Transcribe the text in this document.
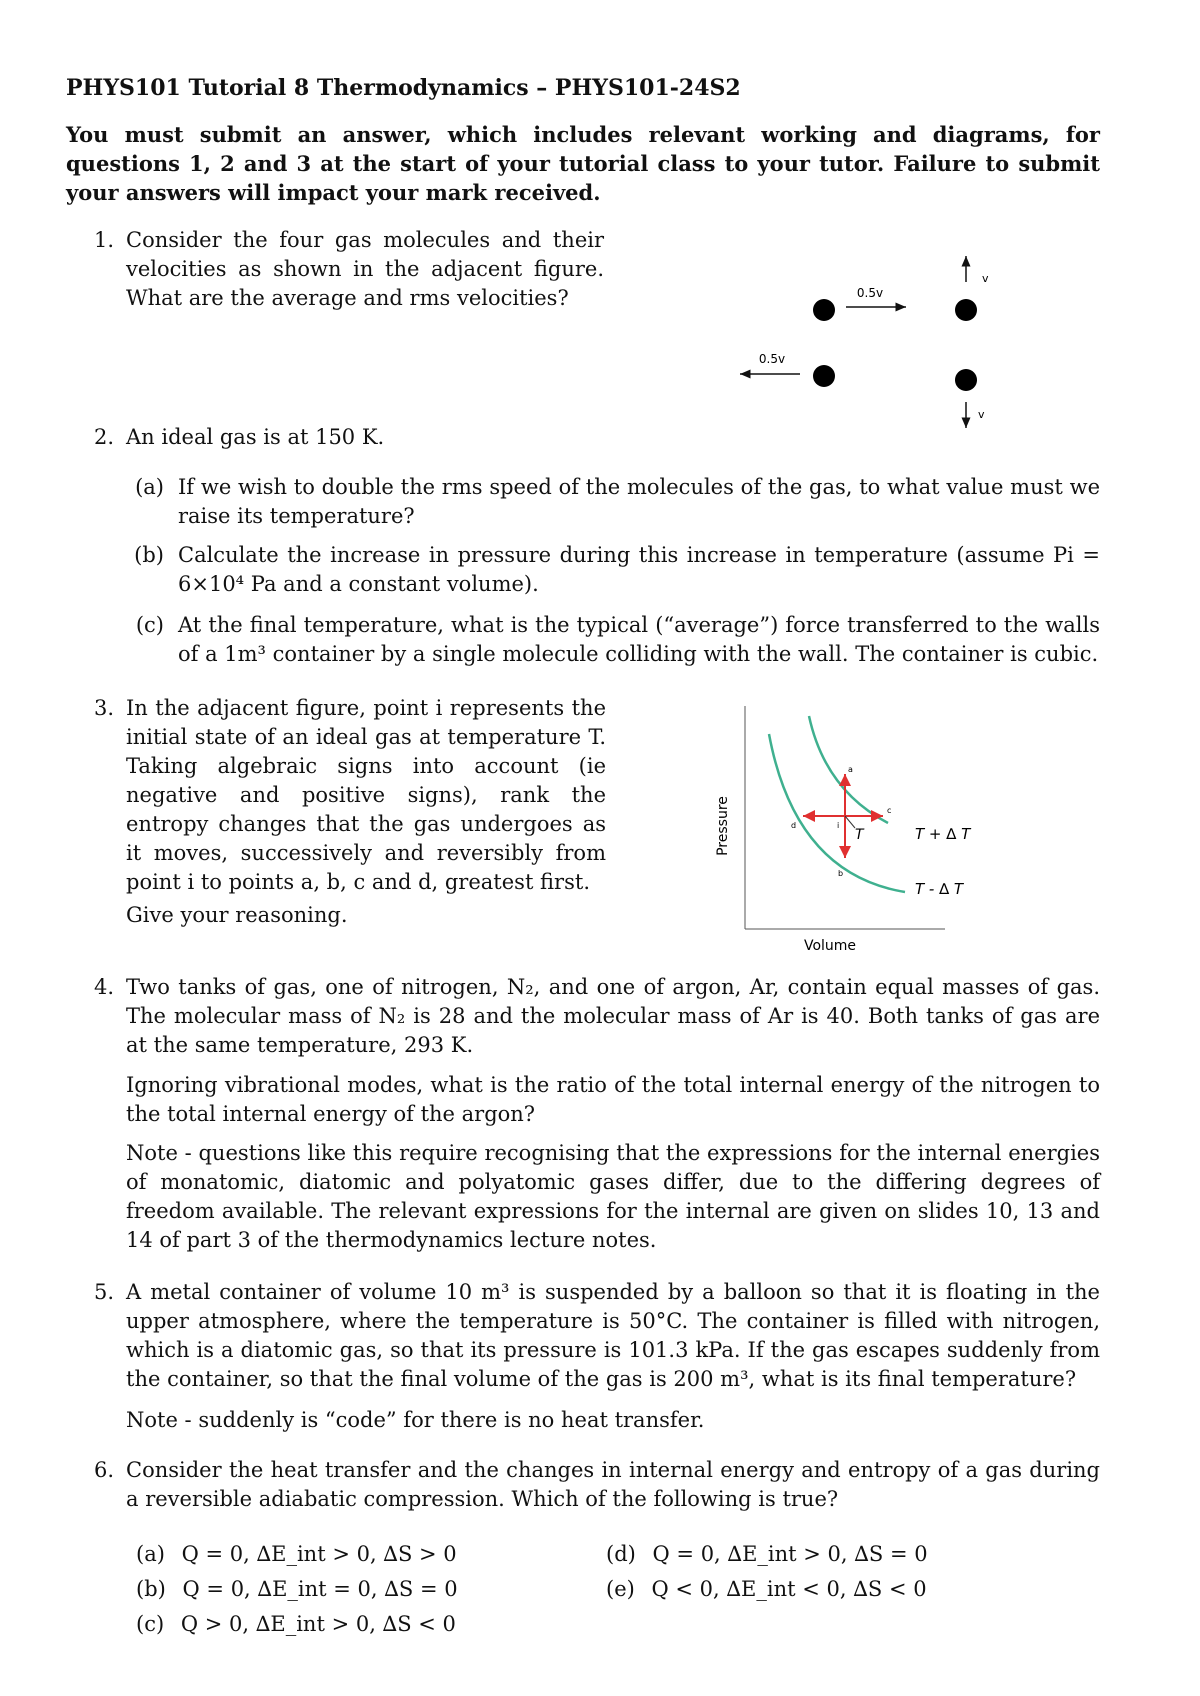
PHYS101 Tutorial 8 Thermodynamics – PHYS101-24S2
You must submit an answer, which includes relevant working and diagrams, for questions 1, 2 and 3 at the start of your tutorial class to your tutor. Failure to submit your answers will impact your mark received.
1. Consider the four gas molecules and their velocities as shown in the adjacent figure. What are the average and rms velocities?	0.5v
0.5v
v
v
2. An ideal gas is at 150 K.
(a) If we wish to double the rms speed of the molecules of the gas, to what value must we raise its temperature?
(b) Calculate the increase in pressure during this increase in temperature (assume Pi = 6×10⁴ Pa and a constant volume).
(c) At the final temperature, what is the typical (“average”) force transferred to the walls of a 1m³ container by a single molecule colliding with the wall. The container is cubic.
3. In the adjacent figure, point i represents the initial state of an ideal gas at temperature T. Taking algebraic signs into account (ie negative and positive signs), rank the entropy changes that the gas undergoes as it moves, successively and reversibly from point i to points a, b, c and d, greatest first.
Give your reasoning.
Pressure
Volume
a
b
c
d	i
T	T + ∆ T
T - ∆ T
4. Two tanks of gas, one of nitrogen, N₂, and one of argon, Ar, contain equal masses of gas. The molecular mass of N₂ is 28 and the molecular mass of Ar is 40. Both tanks of gas are at the same temperature, 293 K.
Ignoring vibrational modes, what is the ratio of the total internal energy of the nitrogen to the total internal energy of the argon?
Note - questions like this require recognising that the expressions for the internal energies of monatomic, diatomic and polyatomic gases differ, due to the differing degrees of freedom available. The relevant expressions for the internal are given on slides 10, 13 and 14 of part 3 of the thermodynamics lecture notes.
5. A metal container of volume 10 m³ is suspended by a balloon so that it is floating in the upper atmosphere, where the temperature is 50°C. The container is filled with nitrogen, which is a diatomic gas, so that its pressure is 101.3 kPa. If the gas escapes suddenly from the container, so that the final volume of the gas is 200 m³, what is its final temperature?
Note - suddenly is “code” for there is no heat transfer.
6. Consider the heat transfer and the changes in internal energy and entropy of a gas during a reversible adiabatic compression. Which of the following is true?
(a) Q = 0, ∆E_int > 0, ∆S > 0
(b) Q = 0, ∆E_int = 0, ∆S = 0
(c) Q > 0, ∆E_int > 0, ∆S < 0
(d) Q = 0, ∆E_int > 0, ∆S = 0
(e) Q < 0, ∆E_int < 0, ∆S < 0
